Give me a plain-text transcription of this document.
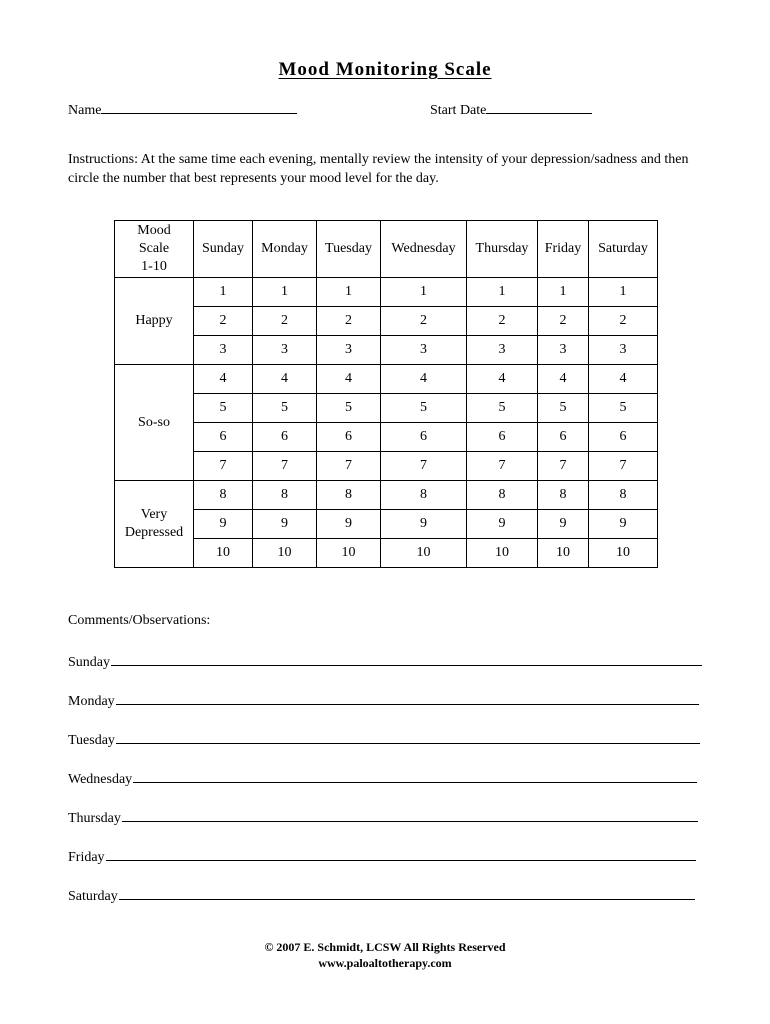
Mood Monitoring Scale
Name	Start Date
Instructions: At the same time each evening, mentally review the intensity of your depression/sadness and then circle the number that best represents your mood level for the day.
Mood
Scale
1-10	Sunday	Monday	Tuesday	Wednesday	Thursday	Friday	Saturday

Happy	1	1	1	1	1	1	1
	2	2	2	2	2	2	2
	3	3	3	3	3	3	3

So-so	4	4	4	4	4	4	4
	5	5	5	5	5	5	5
	6	6	6	6	6	6	6
	7	7	7	7	7	7	7

Very
Depressed	8	8	8	8	8	8	8
	9	9	9	9	9	9	9
	10	10	10	10	10	10	10
Comments/Observations:
Sunday
Monday
Tuesday
Wednesday
Thursday
Friday
Saturday
© 2007 E. Schmidt, LCSW All Rights Reserved
www.paloaltotherapy.com
